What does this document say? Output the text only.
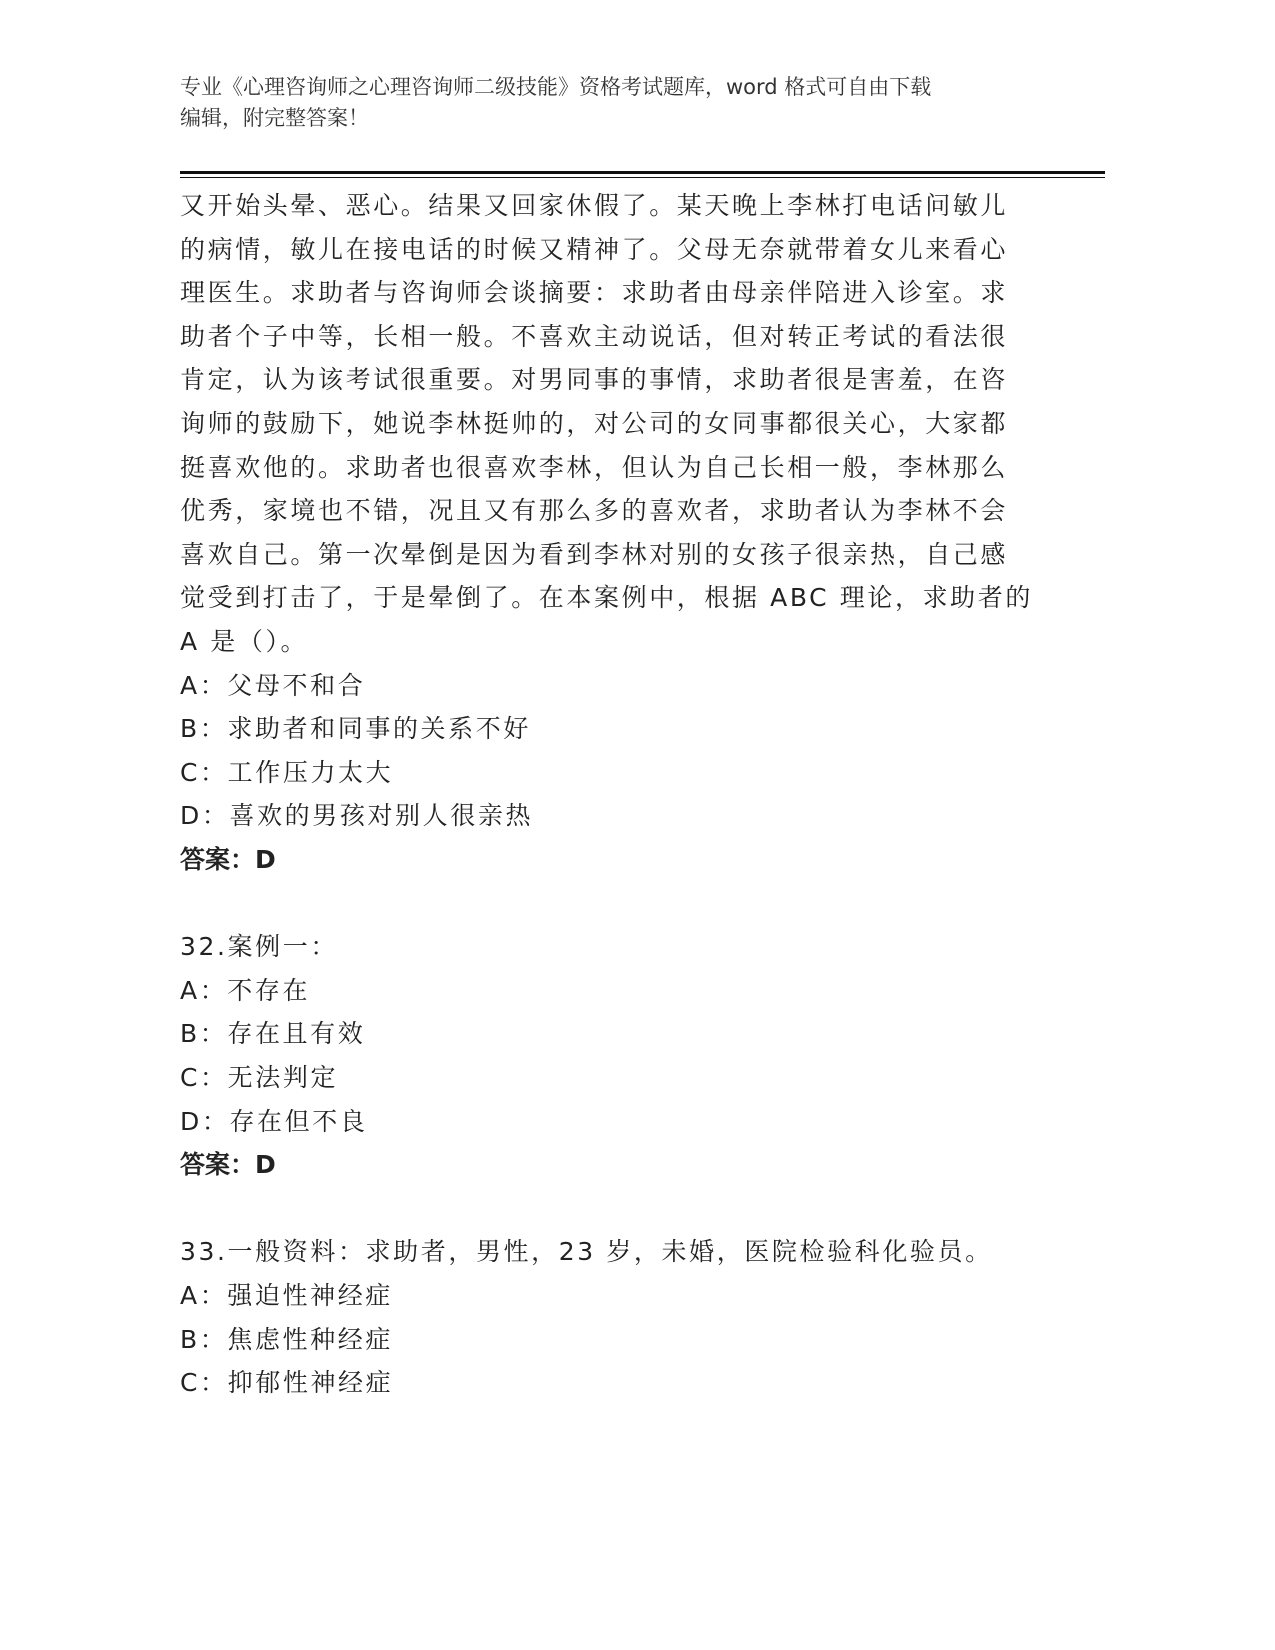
专业《心理咨询师之心理咨询师二级技能》资格考试题库，word 格式可自由下载
编辑，附完整答案！
又开始头晕、恶心。结果又回家休假了。某天晚上李林打电话问敏儿
的病情，敏儿在接电话的时候又精神了。父母无奈就带着女儿来看心
理医生。求助者与咨询师会谈摘要：求助者由母亲伴陪进入诊室。求
助者个子中等，长相一般。不喜欢主动说话，但对转正考试的看法很
肯定，认为该考试很重要。对男同事的事情，求助者很是害羞，在咨
询师的鼓励下，她说李林挺帅的，对公司的女同事都很关心，大家都
挺喜欢他的。求助者也很喜欢李林，但认为自己长相一般，李林那么
优秀，家境也不错，况且又有那么多的喜欢者，求助者认为李林不会
喜欢自己。第一次晕倒是因为看到李林对别的女孩子很亲热，自己感
觉受到打击了，于是晕倒了。在本案例中，根据 ABC 理论，求助者的
A 是（）。
A：父母不和合
B：求助者和同事的关系不好
C：工作压力太大
D：喜欢的男孩对别人很亲热
答案：D
32.案例一：
A：不存在
B：存在且有效
C：无法判定
D：存在但不良
答案：D
33.一般资料：求助者，男性，23 岁，未婚，医院检验科化验员。
A：强迫性神经症
B：焦虑性种经症
C：抑郁性神经症
